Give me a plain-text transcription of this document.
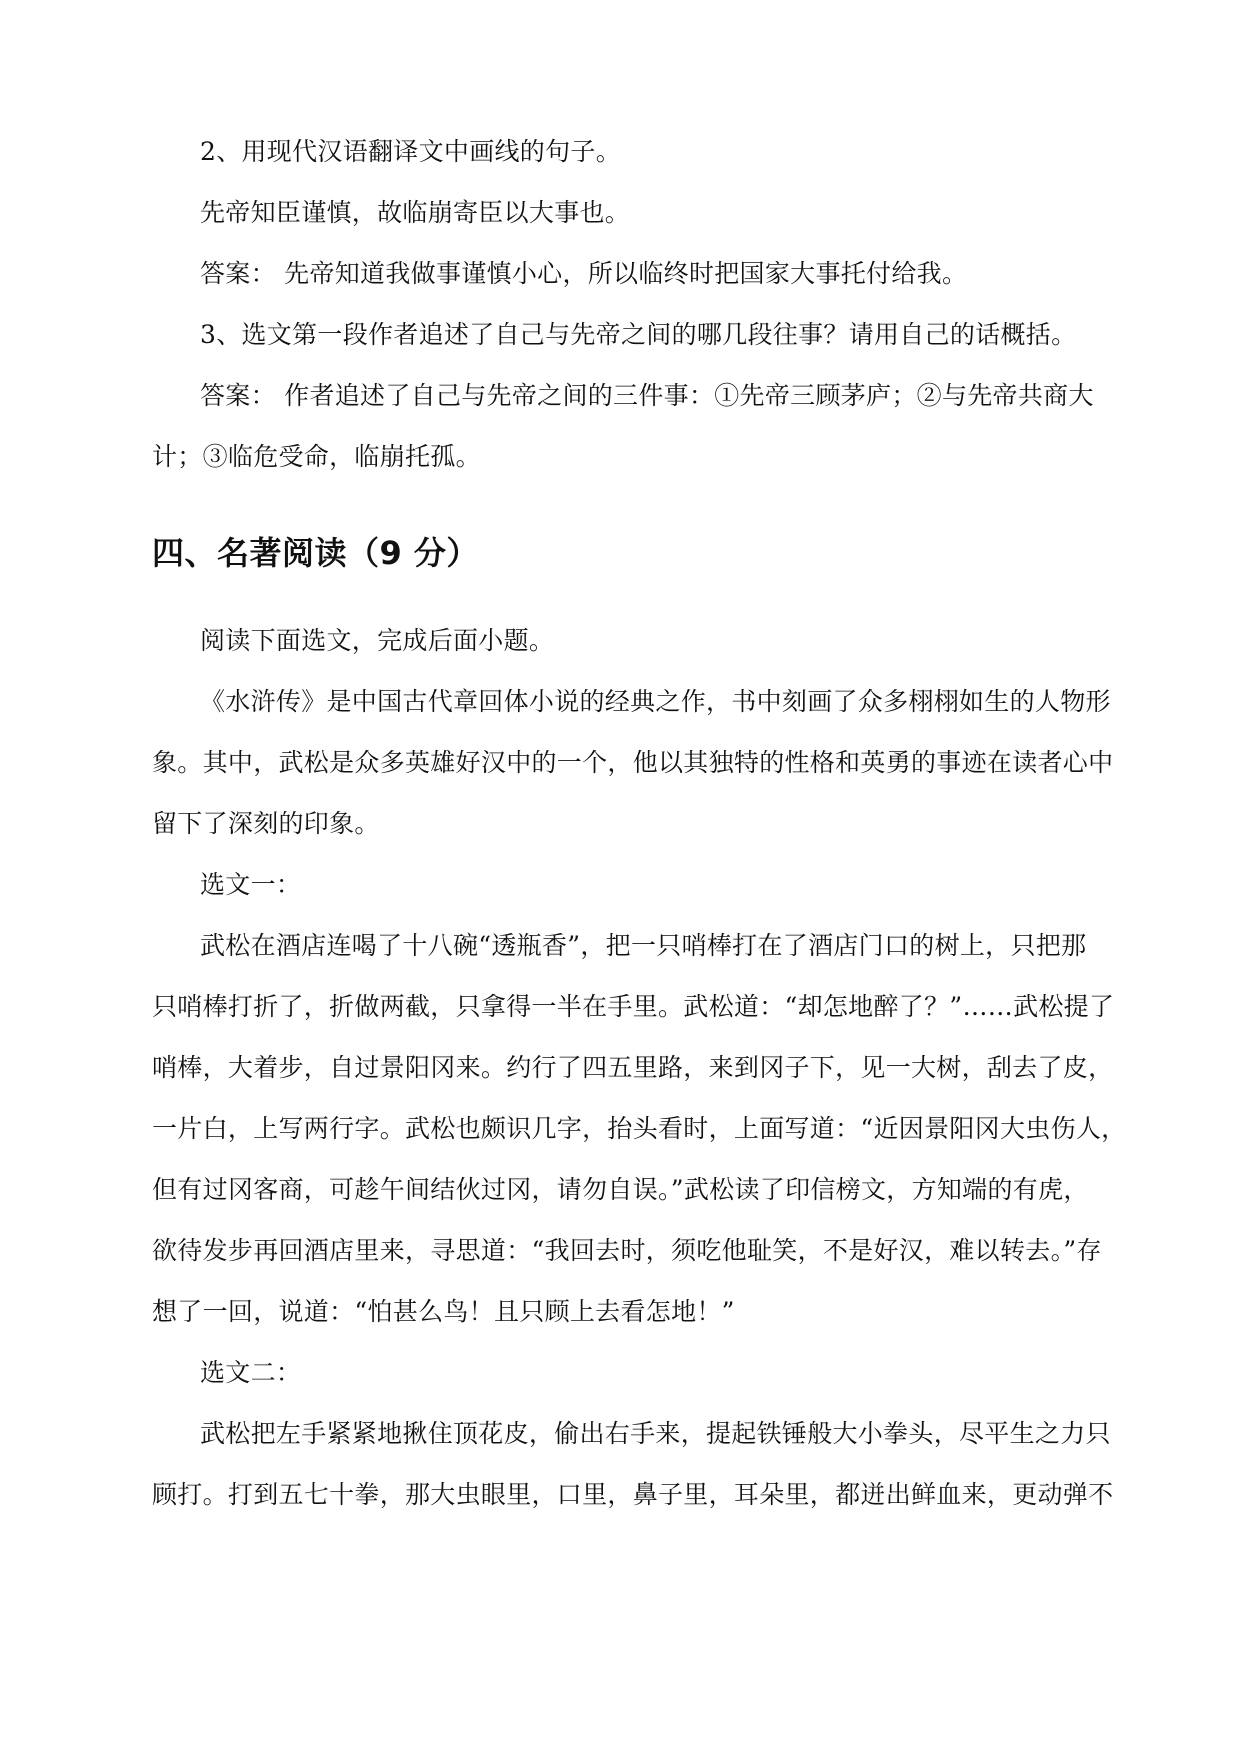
2、用现代汉语翻译文中画线的句子。
先帝知臣谨慎，故临崩寄臣以大事也。
答案： 先帝知道我做事谨慎小心，所以临终时把国家大事托付给我。
3、选文第一段作者追述了自己与先帝之间的哪几段往事？请用自己的话概括。
答案： 作者追述了自己与先帝之间的三件事：①先帝三顾茅庐；②与先帝共商大
计；③临危受命，临崩托孤。
四、名著阅读（9 分）
阅读下面选文，完成后面小题。
《水浒传》是中国古代章回体小说的经典之作，书中刻画了众多栩栩如生的人物形
象。其中，武松是众多英雄好汉中的一个，他以其独特的性格和英勇的事迹在读者心中
留下了深刻的印象。
选文一：
武松在酒店连喝了十八碗“透瓶香”，把一只哨棒打在了酒店门口的树上，只把那
只哨棒打折了，折做两截，只拿得一半在手里。武松道：“却怎地醉了？”……武松提了
哨棒，大着步，自过景阳冈来。约行了四五里路，来到冈子下，见一大树，刮去了皮，
一片白，上写两行字。武松也颇识几字，抬头看时，上面写道：“近因景阳冈大虫伤人，
但有过冈客商，可趁午间结伙过冈，请勿自误。”武松读了印信榜文，方知端的有虎，
欲待发步再回酒店里来，寻思道：“我回去时，须吃他耻笑，不是好汉，难以转去。”存
想了一回，说道：“怕甚么鸟！且只顾上去看怎地！”
选文二：
武松把左手紧紧地揪住顶花皮，偷出右手来，提起铁锤般大小拳头，尽平生之力只
顾打。打到五七十拳，那大虫眼里，口里，鼻子里，耳朵里，都迸出鲜血来，更动弹不
